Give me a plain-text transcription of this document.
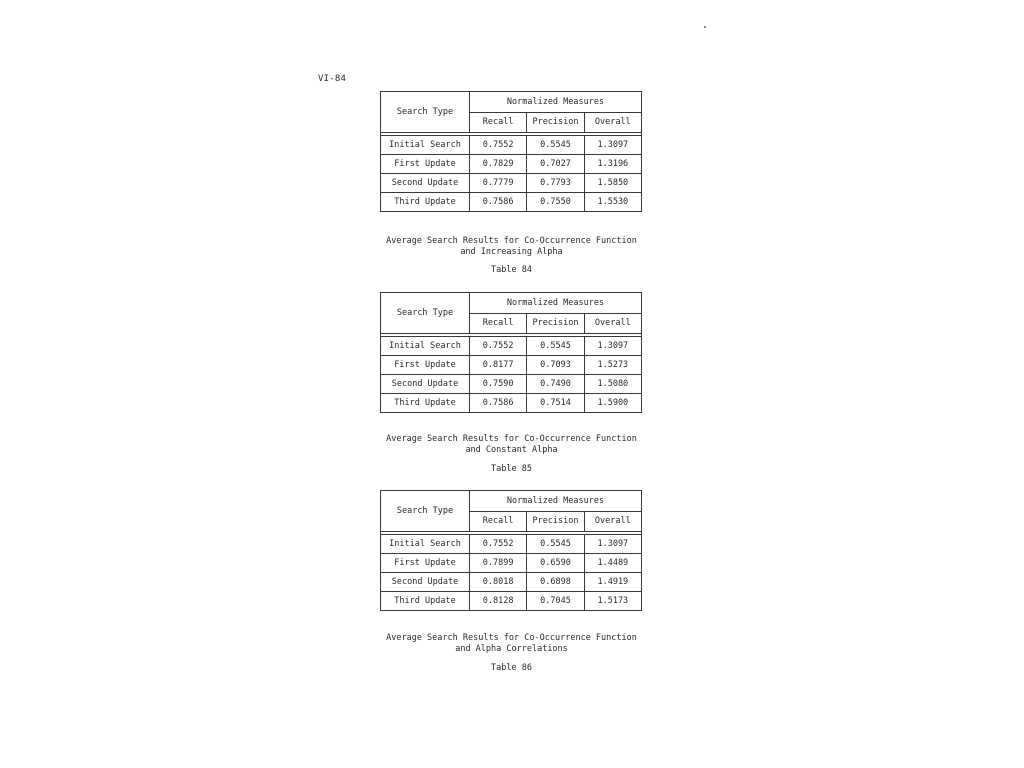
VI-84
Search Type	Normalized Measures		
	Recall	Precision	Overall

Initial Search	0.7552	0.5545	1.3097
First Update	0.7829	0.7027	1.3196
Second Update	0.7779	0.7793	1.5850
Third Update	0.7586	0.7550	1.5530
Average Search Results for Co-Occurrence Function
and Increasing Alpha
Table 84
Search Type	Normalized Measures		
	Recall	Precision	Overall

Initial Search	0.7552	0.5545	1.3097
First Update	0.8177	0.7093	1.5273
Second Update	0.7590	0.7490	1.5080
Third Update	0.7586	0.7514	1.5900
Average Search Results for Co-Occurrence Function
and Constant Alpha
Table 85
Search Type	Normalized Measures		
	Recall	Precision	Overall

Initial Search	0.7552	0.5545	1.3097
First Update	0.7899	0.6590	1.4489
Second Update	0.8018	0.6898	1.4919
Third Update	0.8128	0.7045	1.5173
Average Search Results for Co-Occurrence Function
and Alpha Correlations
Table 86
